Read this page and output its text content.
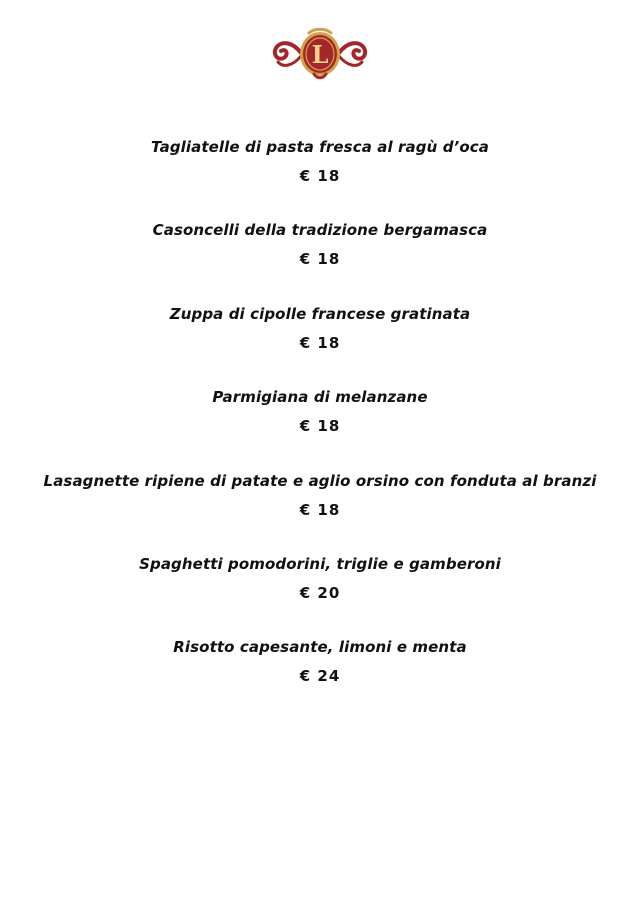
L
Tagliatelle di pasta fresca al ragù d’oca
€ 18
Casoncelli della tradizione bergamasca
€ 18
Zuppa di cipolle francese gratinata
€ 18
Parmigiana di melanzane
€ 18
Lasagnette ripiene di patate e aglio orsino con fonduta al branzi
€ 18
Spaghetti pomodorini, triglie e gamberoni
€ 20
Risotto capesante, limoni e menta
€ 24
